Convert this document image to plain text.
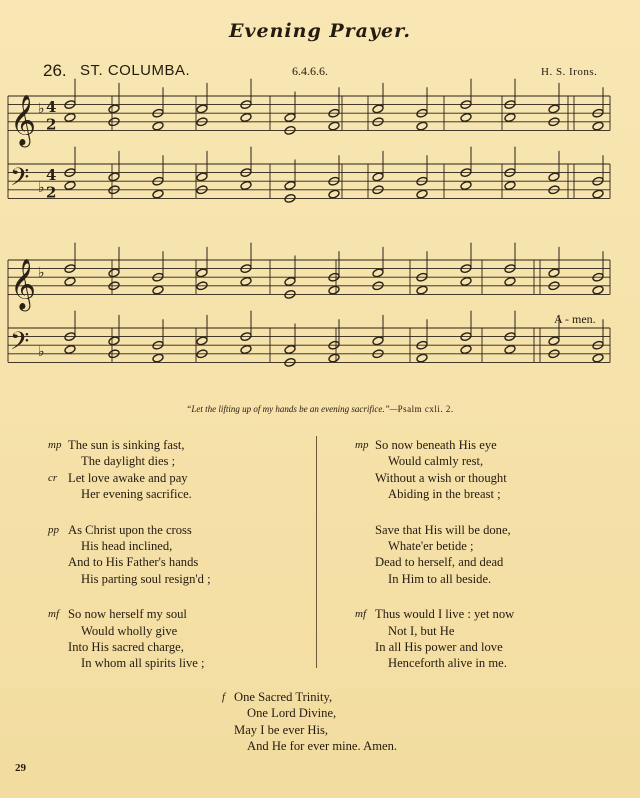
Evening Prayer.
26. ST. COLUMBA.	6.4.6.6.	H. S. Irons.
𝄞 ♭ 4
2
𝄢 ♭
4
2
𝄞 ♭
𝄢 ♭
A - men.
“Let the lifting up of my hands be an evening sacrifice.”—Psalm cxli. 2.
mp The sun is sinking fast,
The daylight dies ;
cr Let love awake and pay
Her evening sacrifice.
pp As Christ upon the cross
His head inclined,
And to His Father's hands
His parting soul resign'd ;
mf So now herself my soul
Would wholly give
Into His sacred charge,
In whom all spirits live ;
mp So now beneath His eye
Would calmly rest,
Without a wish or thought
Abiding in the breast ;
Save that His will be done,
Whate'er betide ;
Dead to herself, and dead
In Him to all beside.
mf Thus would I live : yet now
Not I, but He
In all His power and love
Henceforth alive in me.
f One Sacred Trinity,
One Lord Divine,
May I be ever His,
And He for ever mine. Amen.
29
